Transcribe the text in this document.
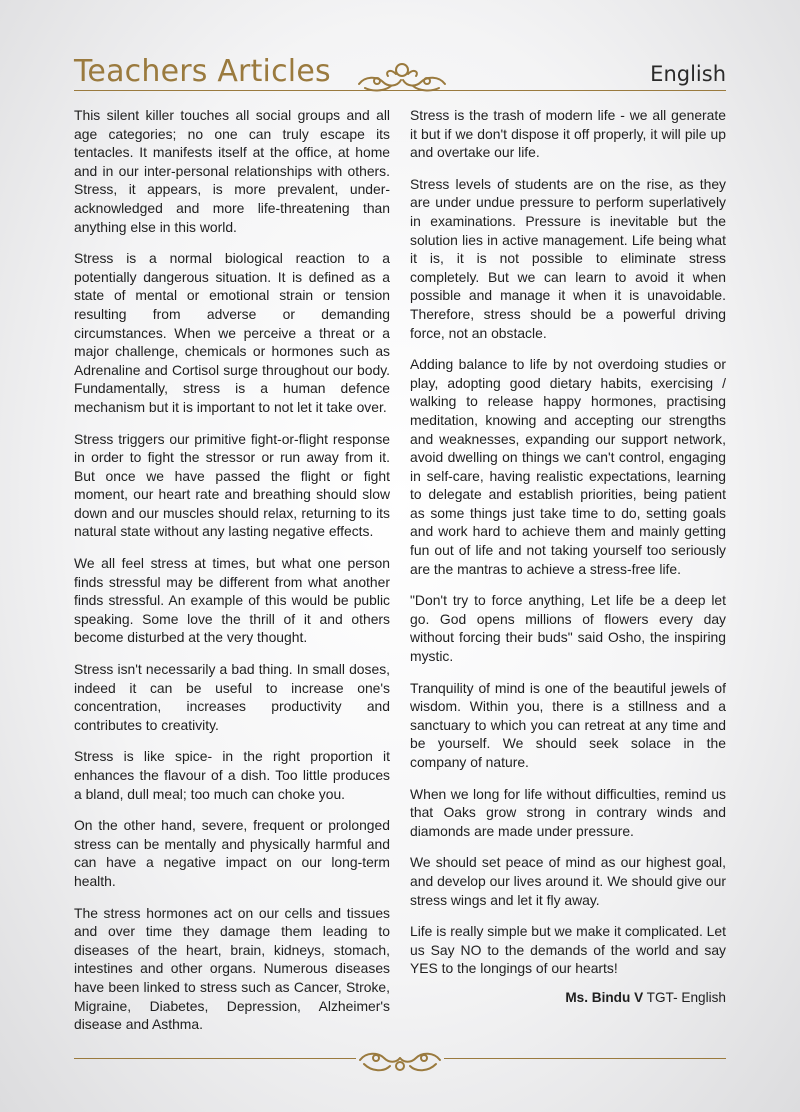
Teachers Articles	English

This silent killer touches all social groups and all age categories; no one can truly escape its tentacles. It manifests itself at the office, at home and in our inter-personal relationships with others. Stress, it appears, is more prevalent, under-acknowledged and more life-threatening than anything else in this world.

Stress is a normal biological reaction to a potentially dangerous situation. It is defined as a state of mental or emotional strain or tension resulting from adverse or demanding circumstances. When we perceive a threat or a major challenge, chemicals or hormones such as Adrenaline and Cortisol surge throughout our body. Fundamentally, stress is a human defence mechanism but it is important to not let it take over.

Stress triggers our primitive fight-or-flight response in order to fight the stressor or run away from it. But once we have passed the flight or fight moment, our heart rate and breathing should slow down and our muscles should relax, returning to its natural state without any lasting negative effects.

We all feel stress at times, but what one person finds stressful may be different from what another finds stressful. An example of this would be public speaking. Some love the thrill of it and others become disturbed at the very thought.

Stress isn't necessarily a bad thing. In small doses, indeed it can be useful to increase one's concentration, increases productivity and contributes to creativity.

Stress is like spice- in the right proportion it enhances the flavour of a dish. Too little produces a bland, dull meal; too much can choke you.

On the other hand, severe, frequent or prolonged stress can be mentally and physically harmful and can have a negative impact on our long-term health.

The stress hormones act on our cells and tissues and over time they damage them leading to diseases of the heart, brain, kidneys, stomach, intestines and other organs. Numerous diseases have been linked to stress such as Cancer, Stroke, Migraine, Diabetes, Depression, Alzheimer's disease and Asthma.

Stress is the trash of modern life - we all generate it but if we don't dispose it off properly, it will pile up and overtake our life.

Stress levels of students are on the rise, as they are under undue pressure to perform superlatively in examinations. Pressure is inevitable but the solution lies in active management. Life being what it is, it is not possible to eliminate stress completely. But we can learn to avoid it when possible and manage it when it is unavoidable. Therefore, stress should be a powerful driving force, not an obstacle.

Adding balance to life by not overdoing studies or play, adopting good dietary habits, exercising / walking to release happy hormones, practising meditation, knowing and accepting our strengths and weaknesses, expanding our support network, avoid dwelling on things we can't control, engaging in self-care, having realistic expectations, learning to delegate and establish priorities, being patient as some things just take time to do, setting goals and work hard to achieve them and mainly getting fun out of life and not taking yourself too seriously are the mantras to achieve a stress-free life.

"Don't try to force anything, Let life be a deep let go. God opens millions of flowers every day without forcing their buds" said Osho, the inspiring mystic.

Tranquility of mind is one of the beautiful jewels of wisdom. Within you, there is a stillness and a sanctuary to which you can retreat at any time and be yourself. We should seek solace in the company of nature.

When we long for life without difficulties, remind us that Oaks grow strong in contrary winds and diamonds are made under pressure.

We should set peace of mind as our highest goal, and develop our lives around it. We should give our stress wings and let it fly away.

Life is really simple but we make it complicated. Let us Say NO to the demands of the world and say YES to the longings of our hearts!

Ms. Bindu V TGT- English
